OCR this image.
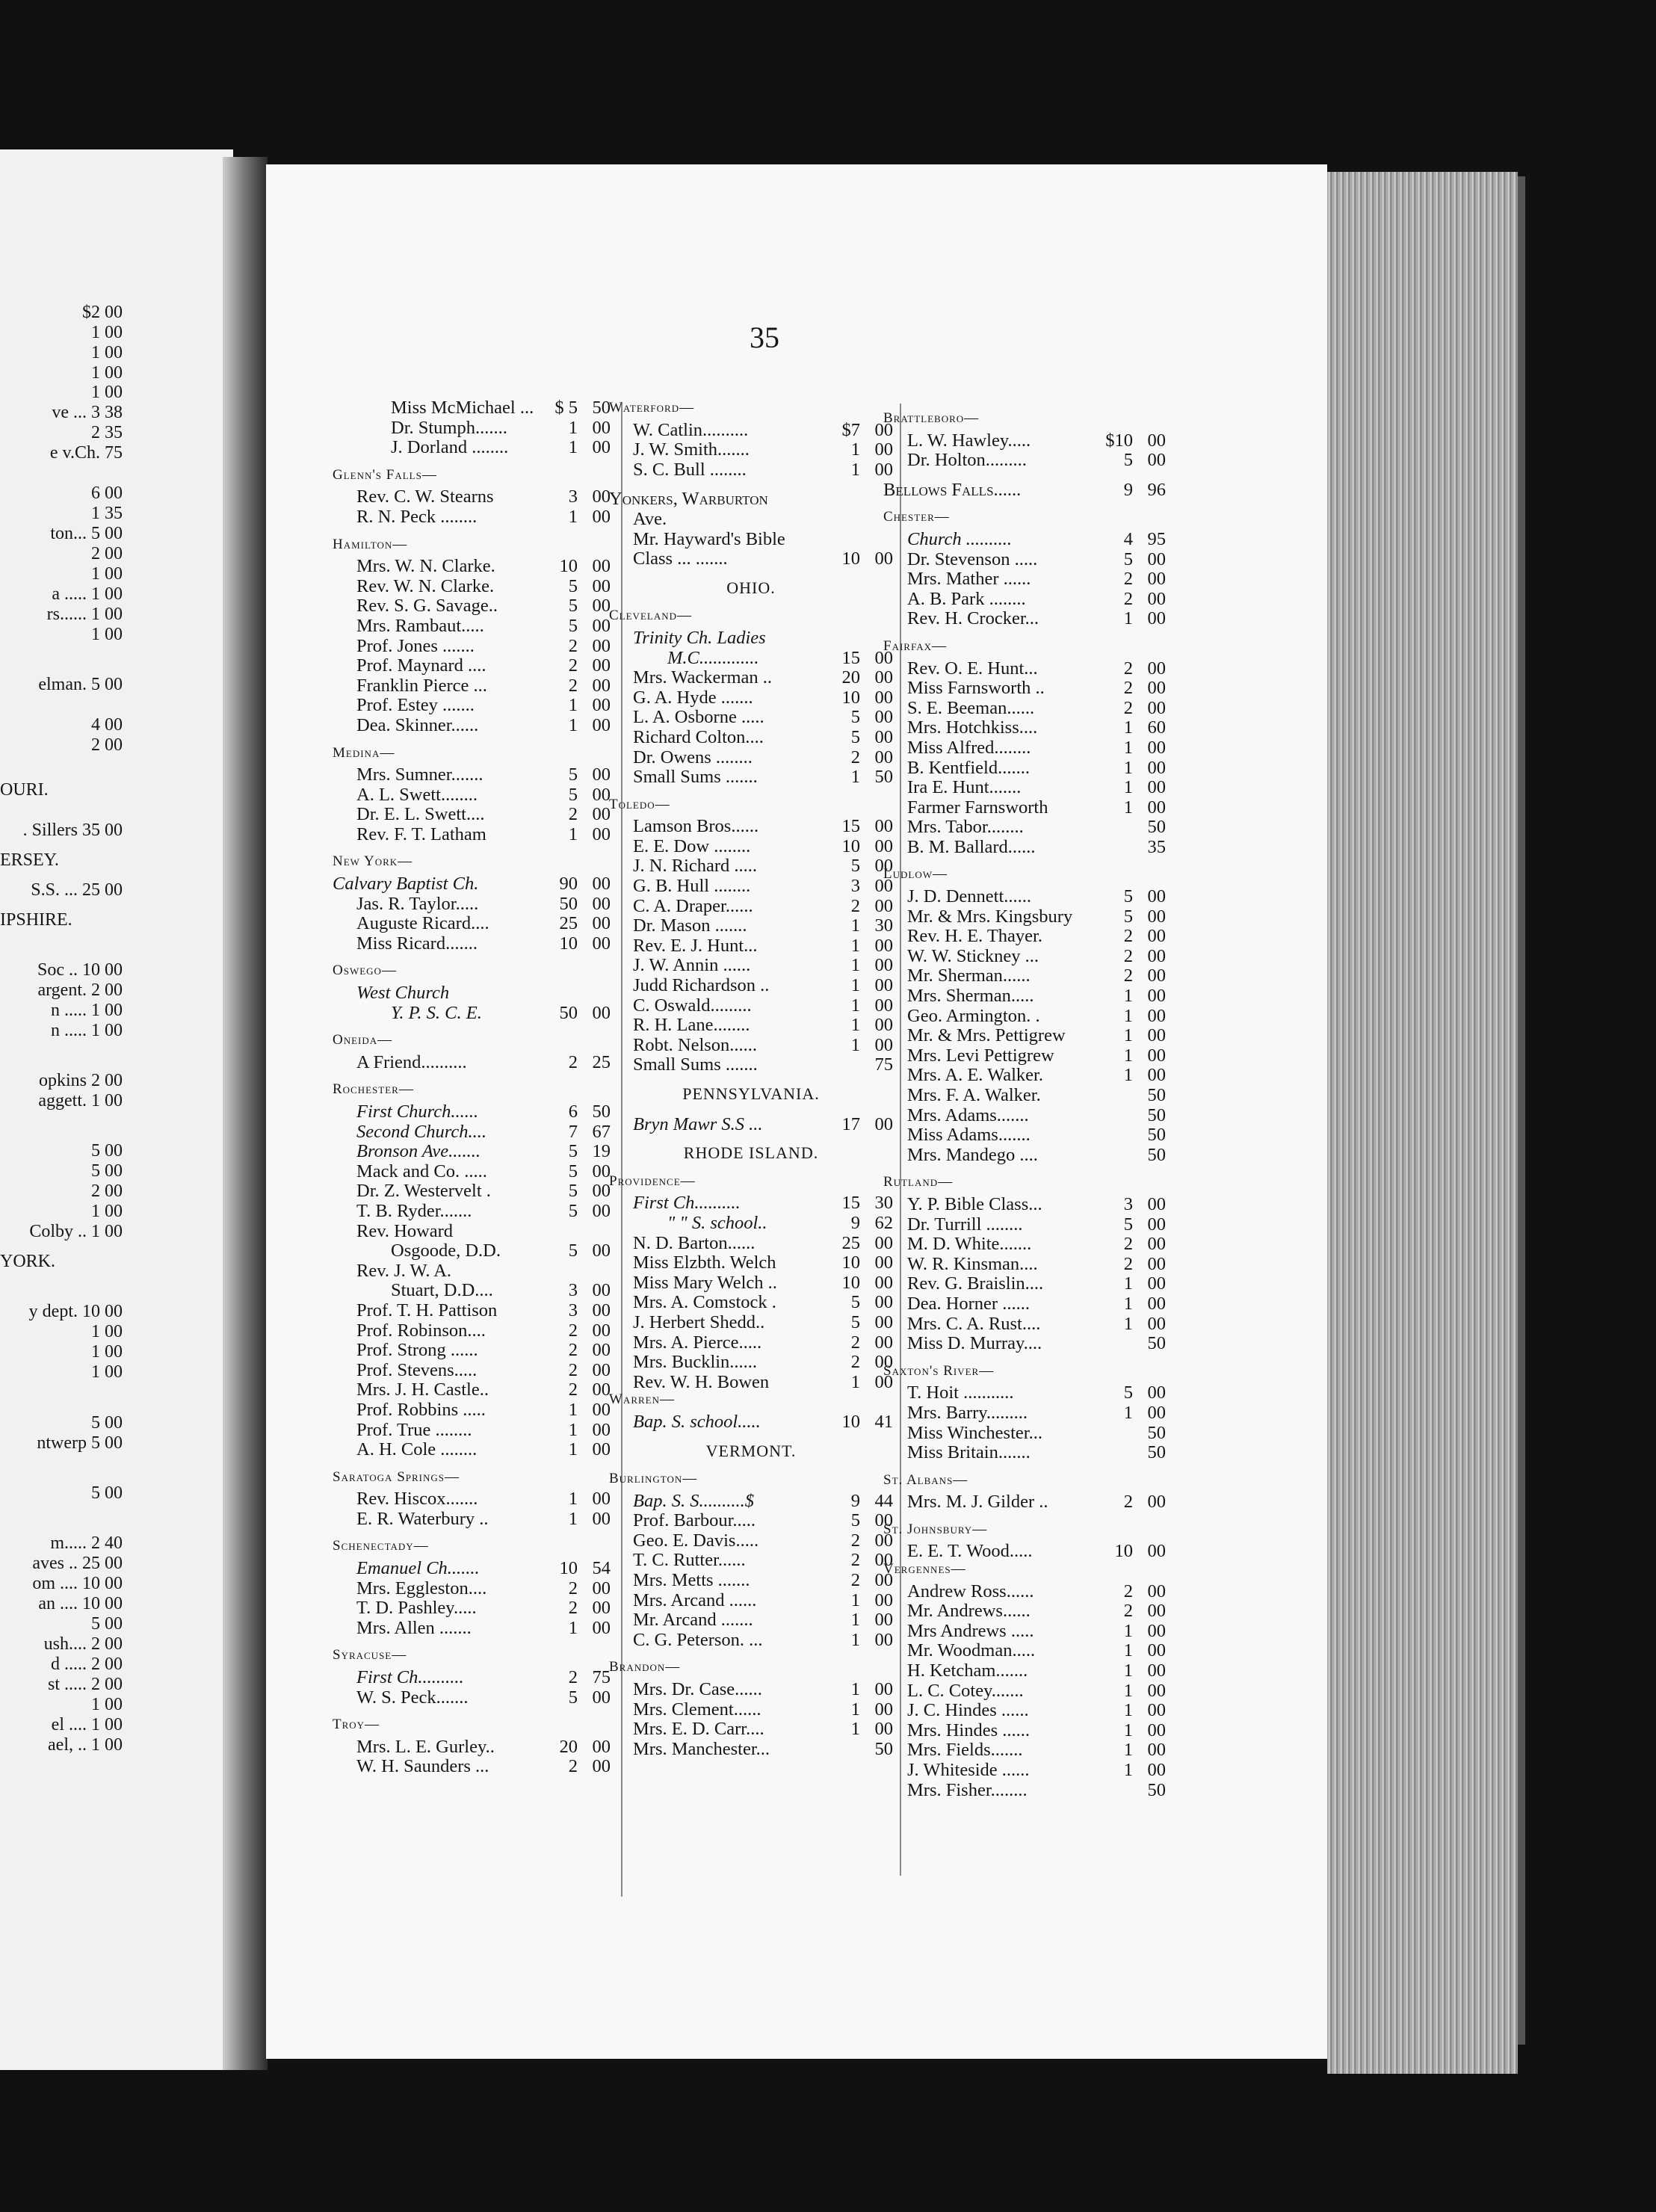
$2 00
1 00
1 00
1 00
1 00
ve ... 3 38
2 35
e v.Ch. 75
6 00
1 35
ton... 5 00
2 00
1 00
a ..... 1 00
rs...... 1 00
1 00
elman. 5 00
4 00
2 00
OURI.
. Sillers 35 00
ERSEY.
S.S. ... 25 00
IPSHIRE.
Soc .. 10 00
argent. 2 00
n ..... 1 00
n ..... 1 00
opkins 2 00
aggett. 1 00
5 00
5 00
2 00
1 00
Colby .. 1 00
YORK.
y dept. 10 00
1 00
1 00
1 00
5 00
ntwerp 5 00
5 00
m..... 2 40
aves .. 25 00
om .... 10 00
an .... 10 00
5 00
ush.... 2 00
d ..... 2 00
st ..... 2 00
1 00
el .... 1 00
ael, .. 1 00
35
Miss McMichael ...	$ 5 50
Dr. Stumph.......	1 00
J. Dorland ........	1 00
Glenn's Falls—
Rev. C. W. Stearns	3 00
R. N. Peck ........	1 00
Hamilton—
Mrs. W. N. Clarke.	10 00
Rev. W. N. Clarke.	5 00
Rev. S. G. Savage..	5 00
Mrs. Rambaut.....	5 00
Prof. Jones .......	2 00
Prof. Maynard ....	2 00
Franklin Pierce ...	2 00
Prof. Estey .......	1 00
Dea. Skinner......	1 00
Medina—
Mrs. Sumner.......	5 00
A. L. Swett........	5 00
Dr. E. L. Swett....	2 00
Rev. F. T. Latham	1 00
New York—
Calvary Baptist Ch.	90 00
Jas. R. Taylor.....	50 00
Auguste Ricard....	25 00
Miss Ricard.......	10 00
Oswego—
West Church
Y. P. S. C. E.	50 00
Oneida—
A Friend..........	2 25
Rochester—
First Church......	6 50
Second Church....	7 67
Bronson Ave.......	5 19
Mack and Co. .....	5 00
Dr. Z. Westervelt .	5 00
T. B. Ryder.......	5 00
Rev. Howard
Osgoode, D.D.	5 00
Rev. J. W. A.
Stuart, D.D....	3 00
Prof. T. H. Pattison	3 00
Prof. Robinson....	2 00
Prof. Strong ......	2 00
Prof. Stevens.....	2 00
Mrs. J. H. Castle..	2 00
Prof. Robbins .....	1 00
Prof. True ........	1 00
A. H. Cole ........	1 00
Saratoga Springs—
Rev. Hiscox.......	1 00
E. R. Waterbury ..	1 00
Schenectady—
Emanuel Ch.......	10 54
Mrs. Eggleston....	2 00
T. D. Pashley.....	2 00
Mrs. Allen .......	1 00
Syracuse—
First Ch..........	2 75
W. S. Peck.......	5 00
Troy—
Mrs. L. E. Gurley..	20 00
W. H. Saunders ...	2 00
Waterford—
W. Catlin..........	$7 00
J. W. Smith.......	1 00
S. C. Bull ........	1 00
Yonkers, Warburton
Ave.
Mr. Hayward's Bible
Class ... .......	10 00
OHIO.
Cleveland—
Trinity Ch. Ladies
M.C.............	15 00
Mrs. Wackerman ..	20 00
G. A. Hyde .......	10 00
L. A. Osborne .....	5 00
Richard Colton....	5 00
Dr. Owens ........	2 00
Small Sums .......	1 50
Toledo—
Lamson Bros......	15 00
E. E. Dow ........	10 00
J. N. Richard .....	5 00
G. B. Hull ........	3 00
C. A. Draper......	2 00
Dr. Mason .......	1 30
Rev. E. J. Hunt...	1 00
J. W. Annin ......	1 00
Judd Richardson ..	1 00
C. Oswald.........	1 00
R. H. Lane........	1 00
Robt. Nelson......	1 00
Small Sums .......	75
PENNSYLVANIA.
Bryn Mawr S.S ...	17 00
RHODE ISLAND.
Providence—
First Ch..........	15 30
" " S. school..	9 62
N. D. Barton......	25 00
Miss Elzbth. Welch	10 00
Miss Mary Welch ..	10 00
Mrs. A. Comstock .	5 00
J. Herbert Shedd..	5 00
Mrs. A. Pierce.....	2 00
Mrs. Bucklin......	2 00
Rev. W. H. Bowen	1 00
Warren—
Bap. S. school.....	10 41
VERMONT.
Burlington—
Bap. S. S..........$	9 44
Prof. Barbour.....	5 00
Geo. E. Davis.....	2 00
T. C. Rutter......	2 00
Mrs. Metts .......	2 00
Mrs. Arcand ......	1 00
Mr. Arcand .......	1 00
C. G. Peterson. ...	1 00
Brandon—
Mrs. Dr. Case......	1 00
Mrs. Clement......	1 00
Mrs. E. D. Carr....	1 00
Mrs. Manchester...	50
Brattleboro—
L. W. Hawley.....	$10 00
Dr. Holton.........	5 00
Bellows Falls......	9 96
Chester—
Church ..........	4 95
Dr. Stevenson .....	5 00
Mrs. Mather ......	2 00
A. B. Park ........	2 00
Rev. H. Crocker...	1 00
Fairfax—
Rev. O. E. Hunt...	2 00
Miss Farnsworth ..	2 00
S. E. Beeman......	2 00
Mrs. Hotchkiss....	1 60
Miss Alfred........	1 00
B. Kentfield.......	1 00
Ira E. Hunt.......	1 00
Farmer Farnsworth	1 00
Mrs. Tabor........	50
B. M. Ballard......	35
Ludlow—
J. D. Dennett......	5 00
Mr. & Mrs. Kingsbury	5 00
Rev. H. E. Thayer.	2 00
W. W. Stickney ...	2 00
Mr. Sherman......	2 00
Mrs. Sherman.....	1 00
Geo. Armington. .	1 00
Mr. & Mrs. Pettigrew	1 00
Mrs. Levi Pettigrew	1 00
Mrs. A. E. Walker.	1 00
Mrs. F. A. Walker.	50
Mrs. Adams.......	50
Miss Adams.......	50
Mrs. Mandego ....	50
Rutland—
Y. P. Bible Class...	3 00
Dr. Turrill ........	5 00
M. D. White.......	2 00
W. R. Kinsman....	2 00
Rev. G. Braislin....	1 00
Dea. Horner ......	1 00
Mrs. C. A. Rust....	1 00
Miss D. Murray....	50
Saxton's River—
T. Hoit ...........	5 00
Mrs. Barry.........	1 00
Miss Winchester...	50
Miss Britain.......	50
St. Albans—
Mrs. M. J. Gilder ..	2 00
St. Johnsbury—
E. E. T. Wood.....	10 00
Vergennes—
Andrew Ross......	2 00
Mr. Andrews......	2 00
Mrs Andrews .....	1 00
Mr. Woodman.....	1 00
H. Ketcham.......	1 00
L. C. Cotey.......	1 00
J. C. Hindes ......	1 00
Mrs. Hindes ......	1 00
Mrs. Fields.......	1 00
J. Whiteside ......	1 00
Mrs. Fisher........	50
